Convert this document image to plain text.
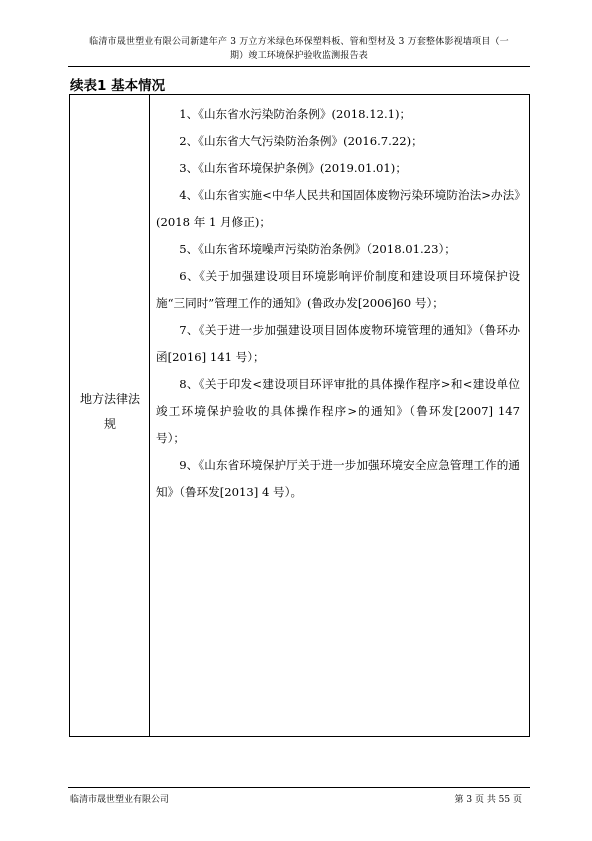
临清市晟世塑业有限公司新建年产 3 万立方米绿色环保塑料板、管和型材及 3 万套整体影视墙项目（一
期）竣工环境保护验收监测报告表
续表1 基本情况
地方法律法规

1、《山东省水污染防治条例》(2018.12.1)；

2、《山东省大气污染防治条例》(2016.7.22)；

3、《山东省环境保护条例》(2019.01.01)；

4、《山东省实施<中华人民共和国固体废物污染环境防治法>办法》(2018 年 1 月修正)；

5、《山东省环境噪声污染防治条例》（2018.01.23）；

6、《关于加强建设项目环境影响评价制度和建设项目环境保护设施“三同时”管理工作的通知》(鲁政办发[2006]60 号）；

7、《关于进一步加强建设项目固体废物环境管理的通知》（鲁环办函[2016] 141 号）；

8、《关于印发<建设项目环评审批的具体操作程序>和<建设单位竣工环境保护验收的具体操作程序>的通知》（鲁环发[2007] 147 号）；

9、《山东省环境保护厅关于进一步加强环境安全应急管理工作的通知》（鲁环发[2013] 4 号）。

临清市晟世塑业有限公司	第 3 页 共 55 页
